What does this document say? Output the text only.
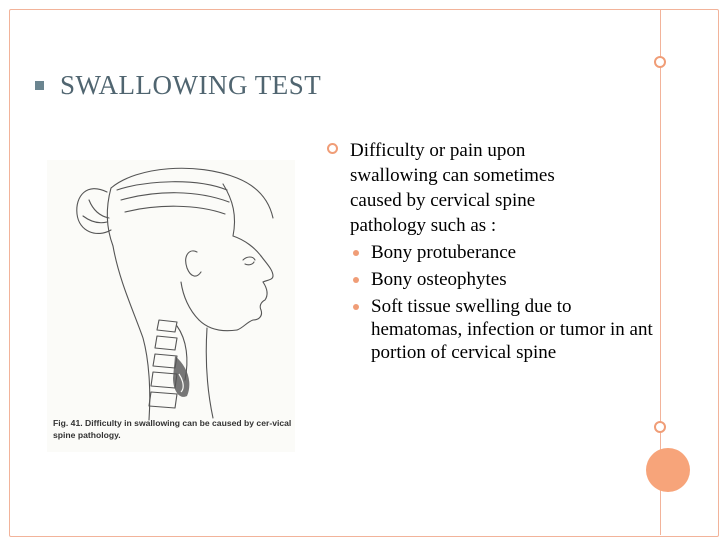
SWALLOWING TEST
Fig. 41. Difficulty in swallowing can be caused by cer-vical spine pathology.
Difficulty or pain upon swallowing can sometimes caused by cervical spine pathology such as :
Bony protuberance
Bony osteophytes
Soft tissue swelling due to hematomas, infection or tumor in ant portion of cervical spine
